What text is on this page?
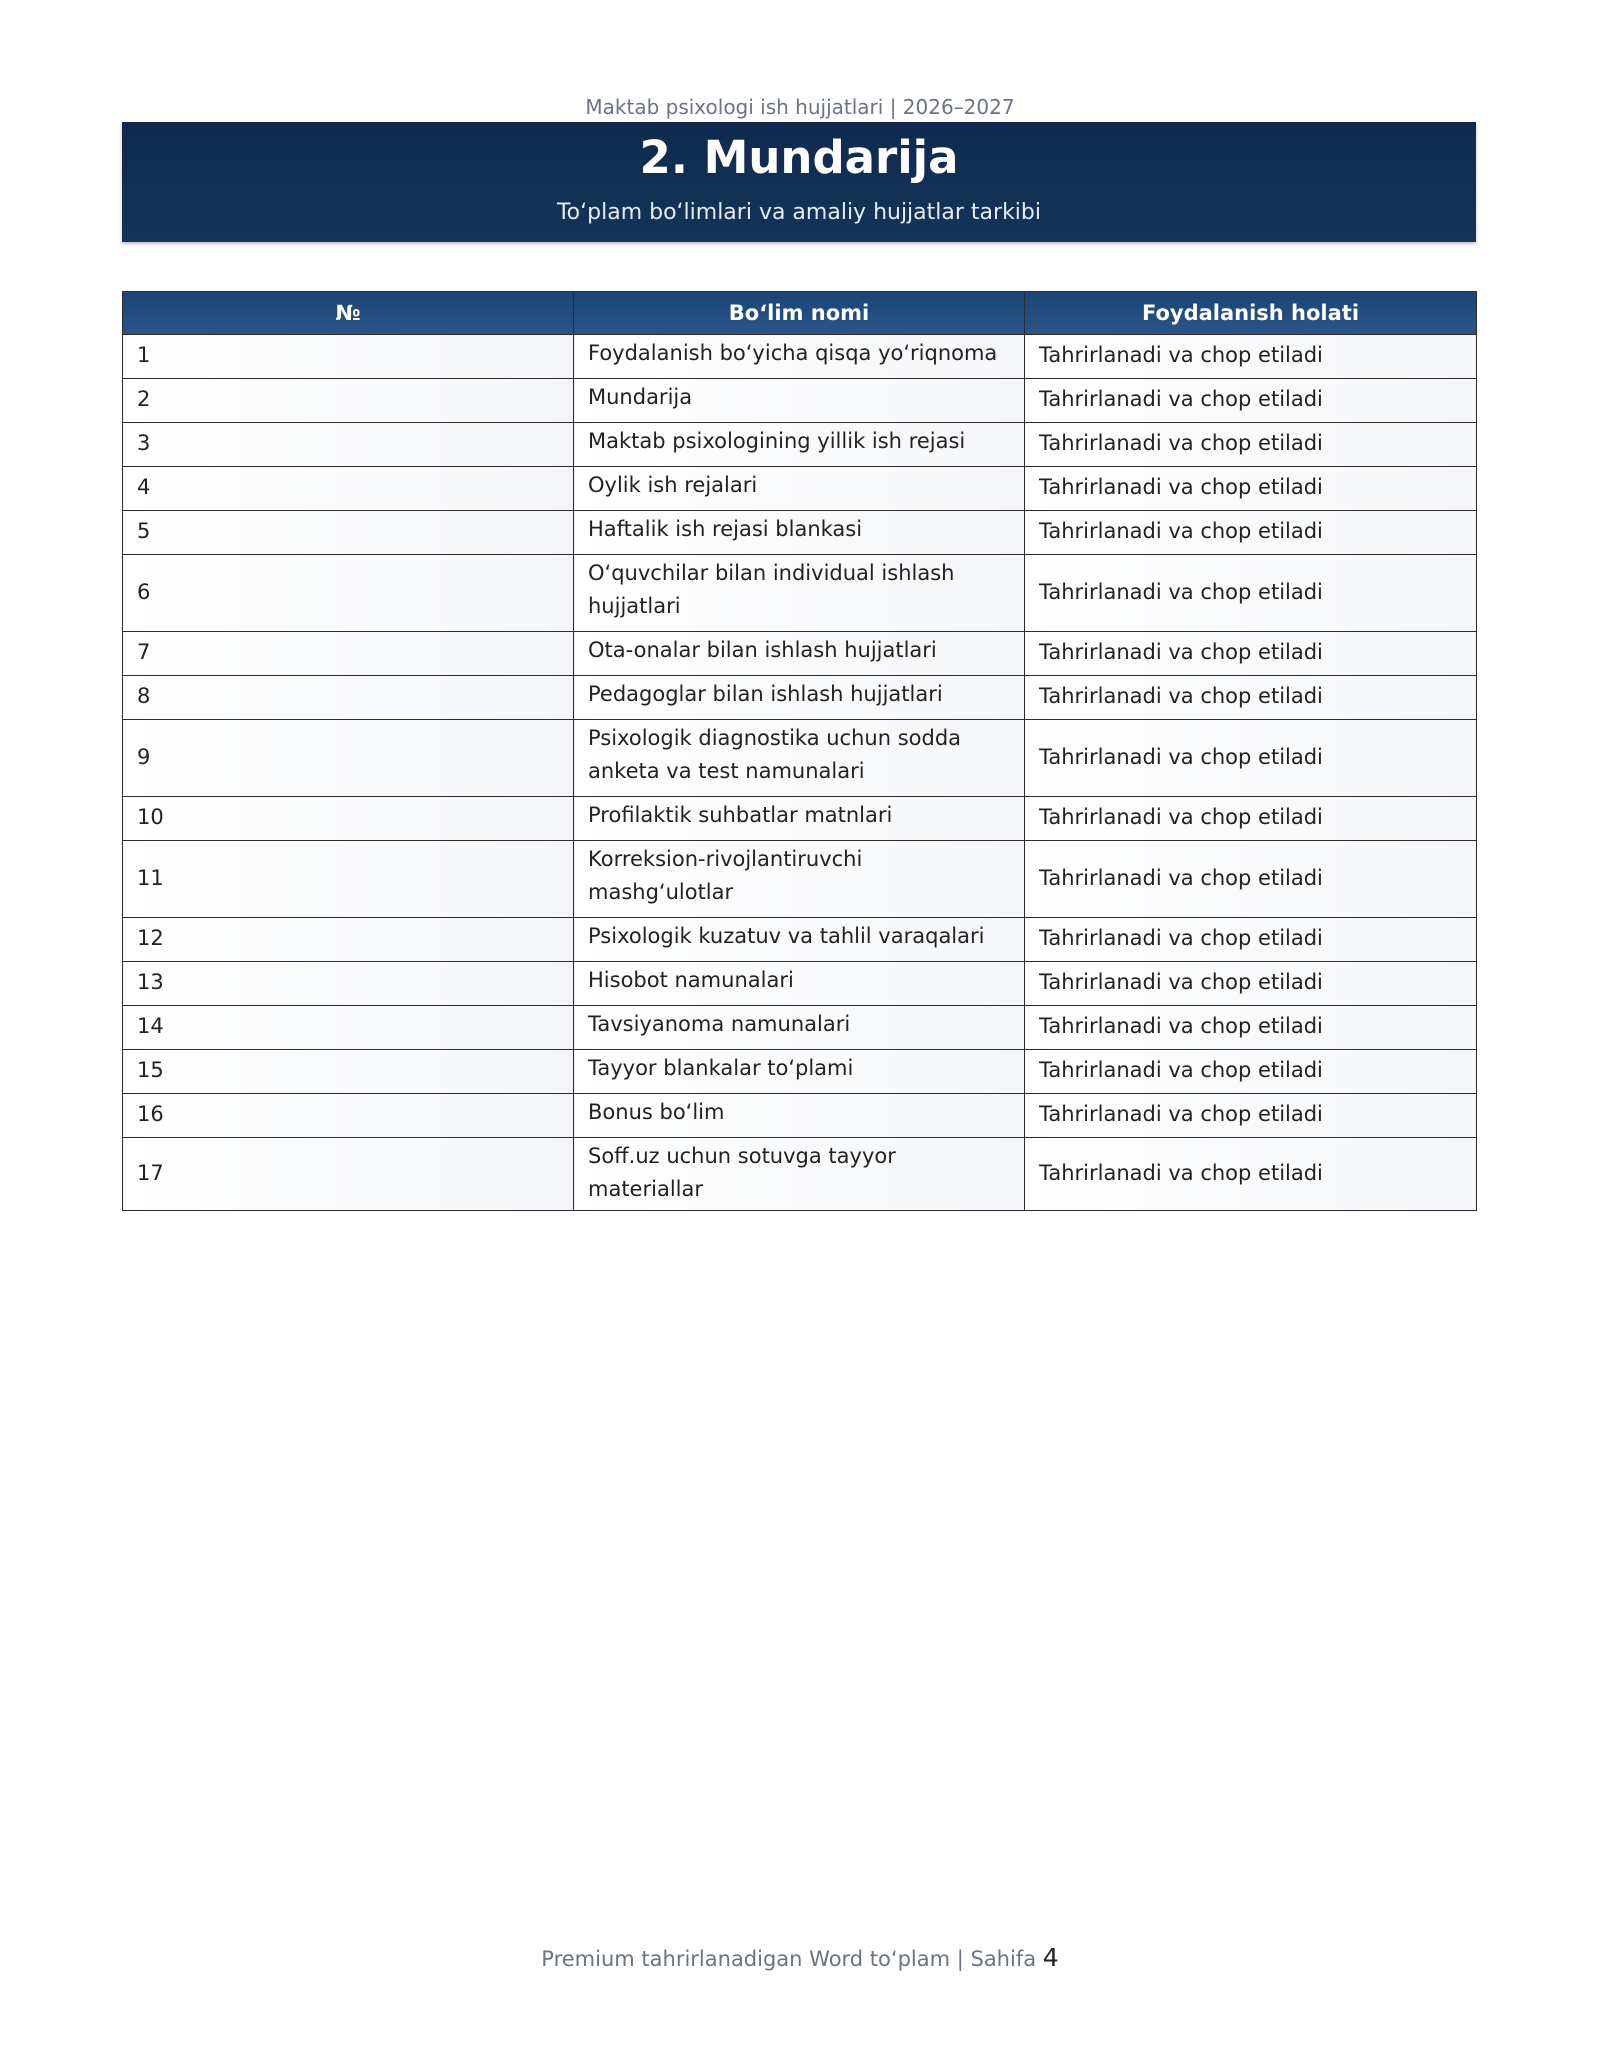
Maktab psixologi ish hujjatlari | 2026–2027
2. Mundarija
To‘plam bo‘limlari va amaliy hujjatlar tarkibi
№	Bo‘lim nomi	Foydalanish holati
1	Foydalanish bo‘yicha qisqa yo‘riqnoma	Tahrirlanadi va chop etiladi
2	Mundarija	Tahrirlanadi va chop etiladi
3	Maktab psixologining yillik ish rejasi	Tahrirlanadi va chop etiladi
4	Oylik ish rejalari	Tahrirlanadi va chop etiladi
5	Haftalik ish rejasi blankasi	Tahrirlanadi va chop etiladi
6	O‘quvchilar bilan individual ishlash hujjatlari	Tahrirlanadi va chop etiladi
7	Ota-onalar bilan ishlash hujjatlari	Tahrirlanadi va chop etiladi
8	Pedagoglar bilan ishlash hujjatlari	Tahrirlanadi va chop etiladi
9	Psixologik diagnostika uchun sodda anketa va test namunalari	Tahrirlanadi va chop etiladi
10	Profilaktik suhbatlar matnlari	Tahrirlanadi va chop etiladi
11	Korreksion-rivojlantiruvchi mashg‘ulotlar	Tahrirlanadi va chop etiladi
12	Psixologik kuzatuv va tahlil varaqalari	Tahrirlanadi va chop etiladi
13	Hisobot namunalari	Tahrirlanadi va chop etiladi
14	Tavsiyanoma namunalari	Tahrirlanadi va chop etiladi
15	Tayyor blankalar to‘plami	Tahrirlanadi va chop etiladi
16	Bonus bo‘lim	Tahrirlanadi va chop etiladi
17	Soff.uz uchun sotuvga tayyor materiallar	Tahrirlanadi va chop etiladi
Premium tahrirlanadigan Word to‘plam | Sahifa 4
